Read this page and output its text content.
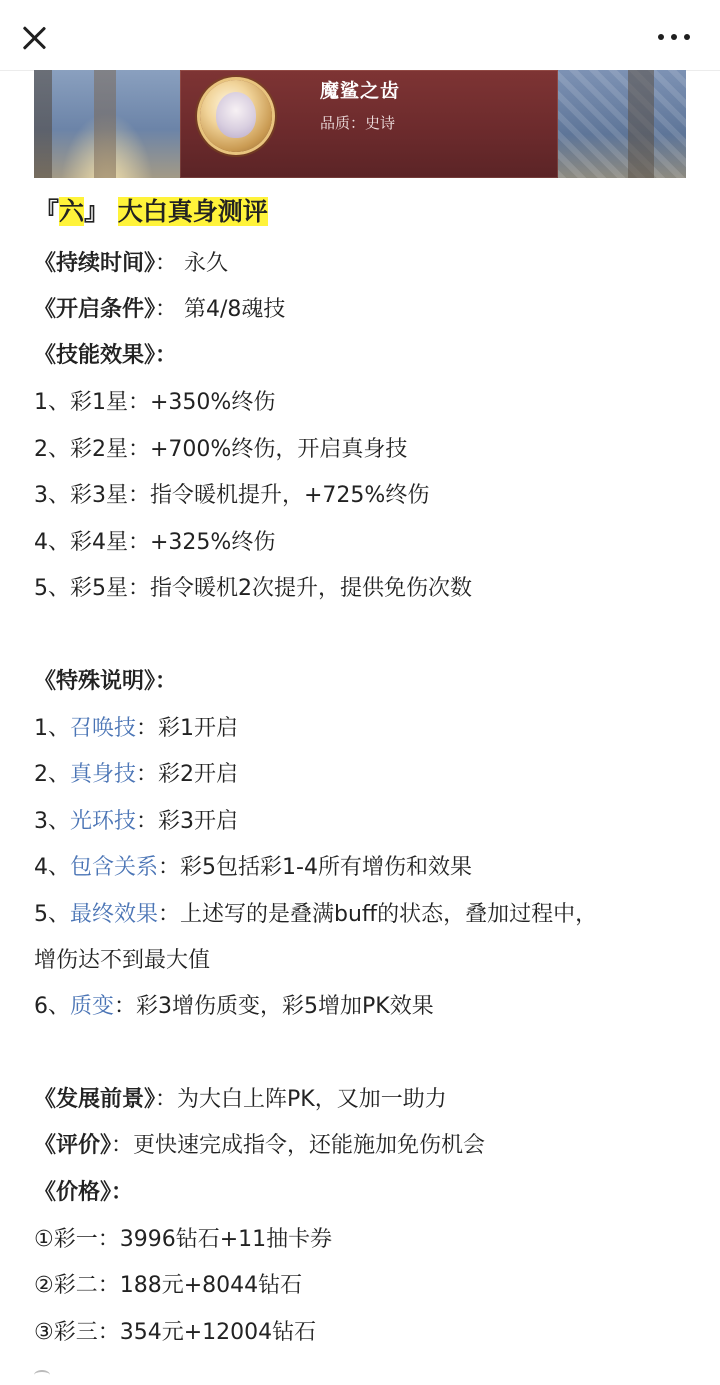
魔鲨之齿
品质：史诗
『六』 大白真身测评
《持续时间》： 永久
《开启条件》： 第4/8魂技
《技能效果》：
1、彩1星：+350%终伤
2、彩2星：+700%终伤，开启真身技
3、彩3星：指令暖机提升，+725%终伤
4、彩4星：+325%终伤
5、彩5星：指令暖机2次提升，提供免伤次数
《特殊说明》：
1、召唤技：彩1开启
2、真身技：彩2开启
3、光环技：彩3开启
4、包含关系：彩5包括彩1-4所有增伤和效果
5、最终效果：上述写的是叠满buff的状态，叠加过程中，
增伤达不到最大值
6、质变：彩3增伤质变，彩5增加PK效果
《发展前景》：为大白上阵PK，又加一助力
《评价》：更快速完成指令，还能施加免伤机会
《价格》：
①彩一：3996钻石+11抽卡券
②彩二：188元+8044钻石
③彩三：354元+12004钻石
